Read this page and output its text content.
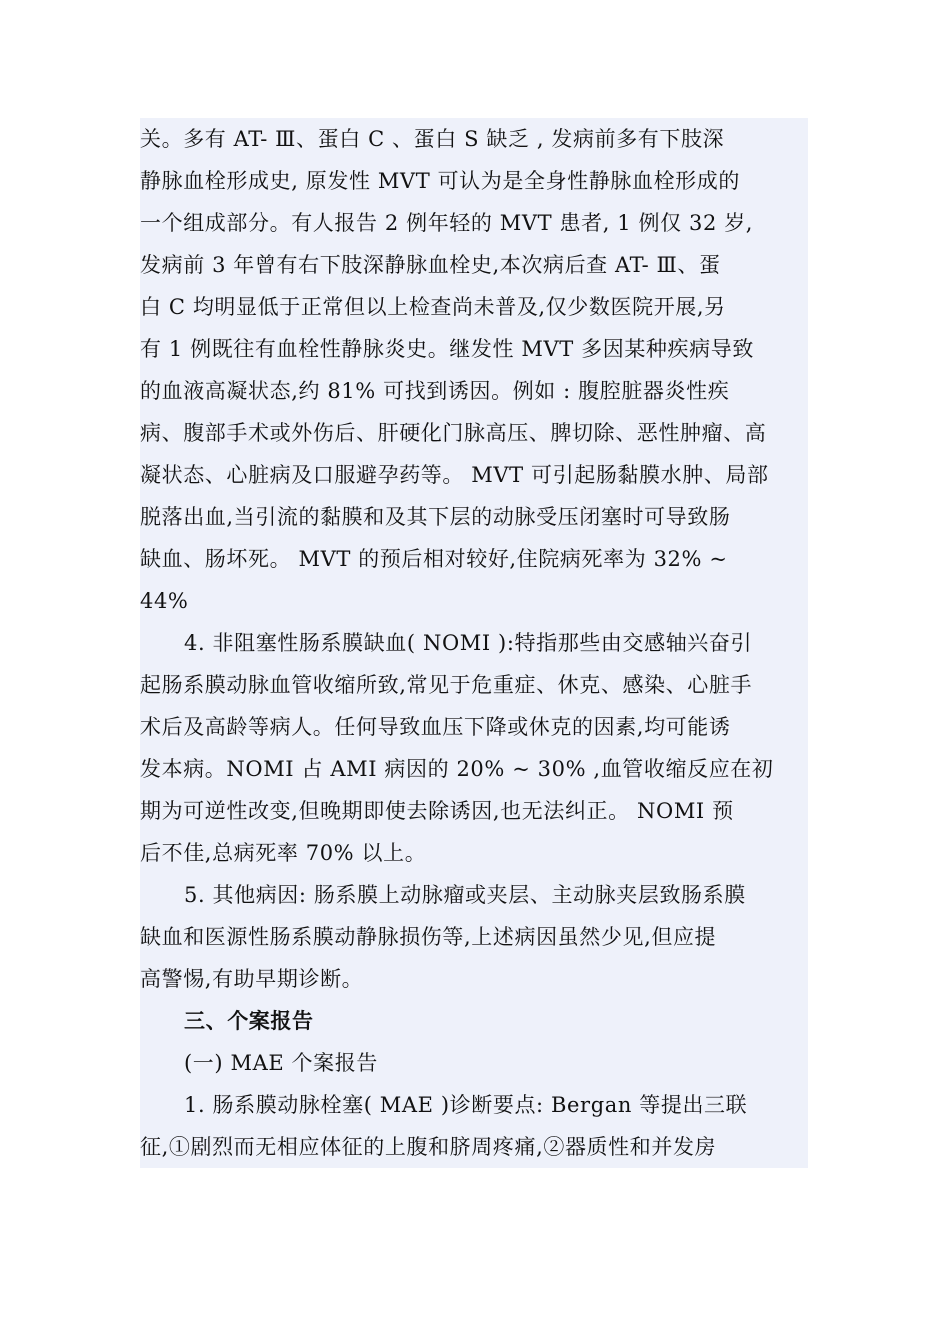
关。多有 AT- Ⅲ、蛋白 C 、蛋白 S 缺乏 , 发病前多有下肢深
静脉血栓形成史, 原发性 MVT 可认为是全身性静脉血栓形成的
一个组成部分。有人报告 2 例年轻的 MVT 患者, 1 例仅 32 岁,
发病前 3 年曾有右下肢深静脉血栓史,本次病后查 AT- Ⅲ、蛋
白 C 均明显低于正常但以上检查尚未普及,仅少数医院开展,另
有 1 例既往有血栓性静脉炎史。继发性 MVT 多因某种疾病导致
的血液高凝状态,约 81% 可找到诱因。例如 : 腹腔脏器炎性疾
病、腹部手术或外伤后、肝硬化门脉高压、脾切除、恶性肿瘤、高
凝状态、心脏病及口服避孕药等。 MVT 可引起肠黏膜水肿、局部
脱落出血,当引流的黏膜和及其下层的动脉受压闭塞时可导致肠
缺血、肠坏死。 MVT 的预后相对较好,住院病死率为 32% ~
44%
4. 非阻塞性肠系膜缺血( NOMI ):特指那些由交感轴兴奋引
起肠系膜动脉血管收缩所致,常见于危重症、休克、感染、心脏手
术后及高龄等病人。任何导致血压下降或休克的因素,均可能诱
发本病。NOMI 占 AMI 病因的 20% ~ 30% ,血管收缩反应在初
期为可逆性改变,但晚期即使去除诱因,也无法纠正。 NOMI 预
后不佳,总病死率 70% 以上。
5. 其他病因: 肠系膜上动脉瘤或夹层、主动脉夹层致肠系膜
缺血和医源性肠系膜动静脉损伤等,上述病因虽然少见,但应提
高警惕,有助早期诊断。
三、个案报告
(一) MAE 个案报告
1. 肠系膜动脉栓塞( MAE )诊断要点: Bergan 等提出三联
征,①剧烈而无相应体征的上腹和脐周疼痛,②器质性和并发房
